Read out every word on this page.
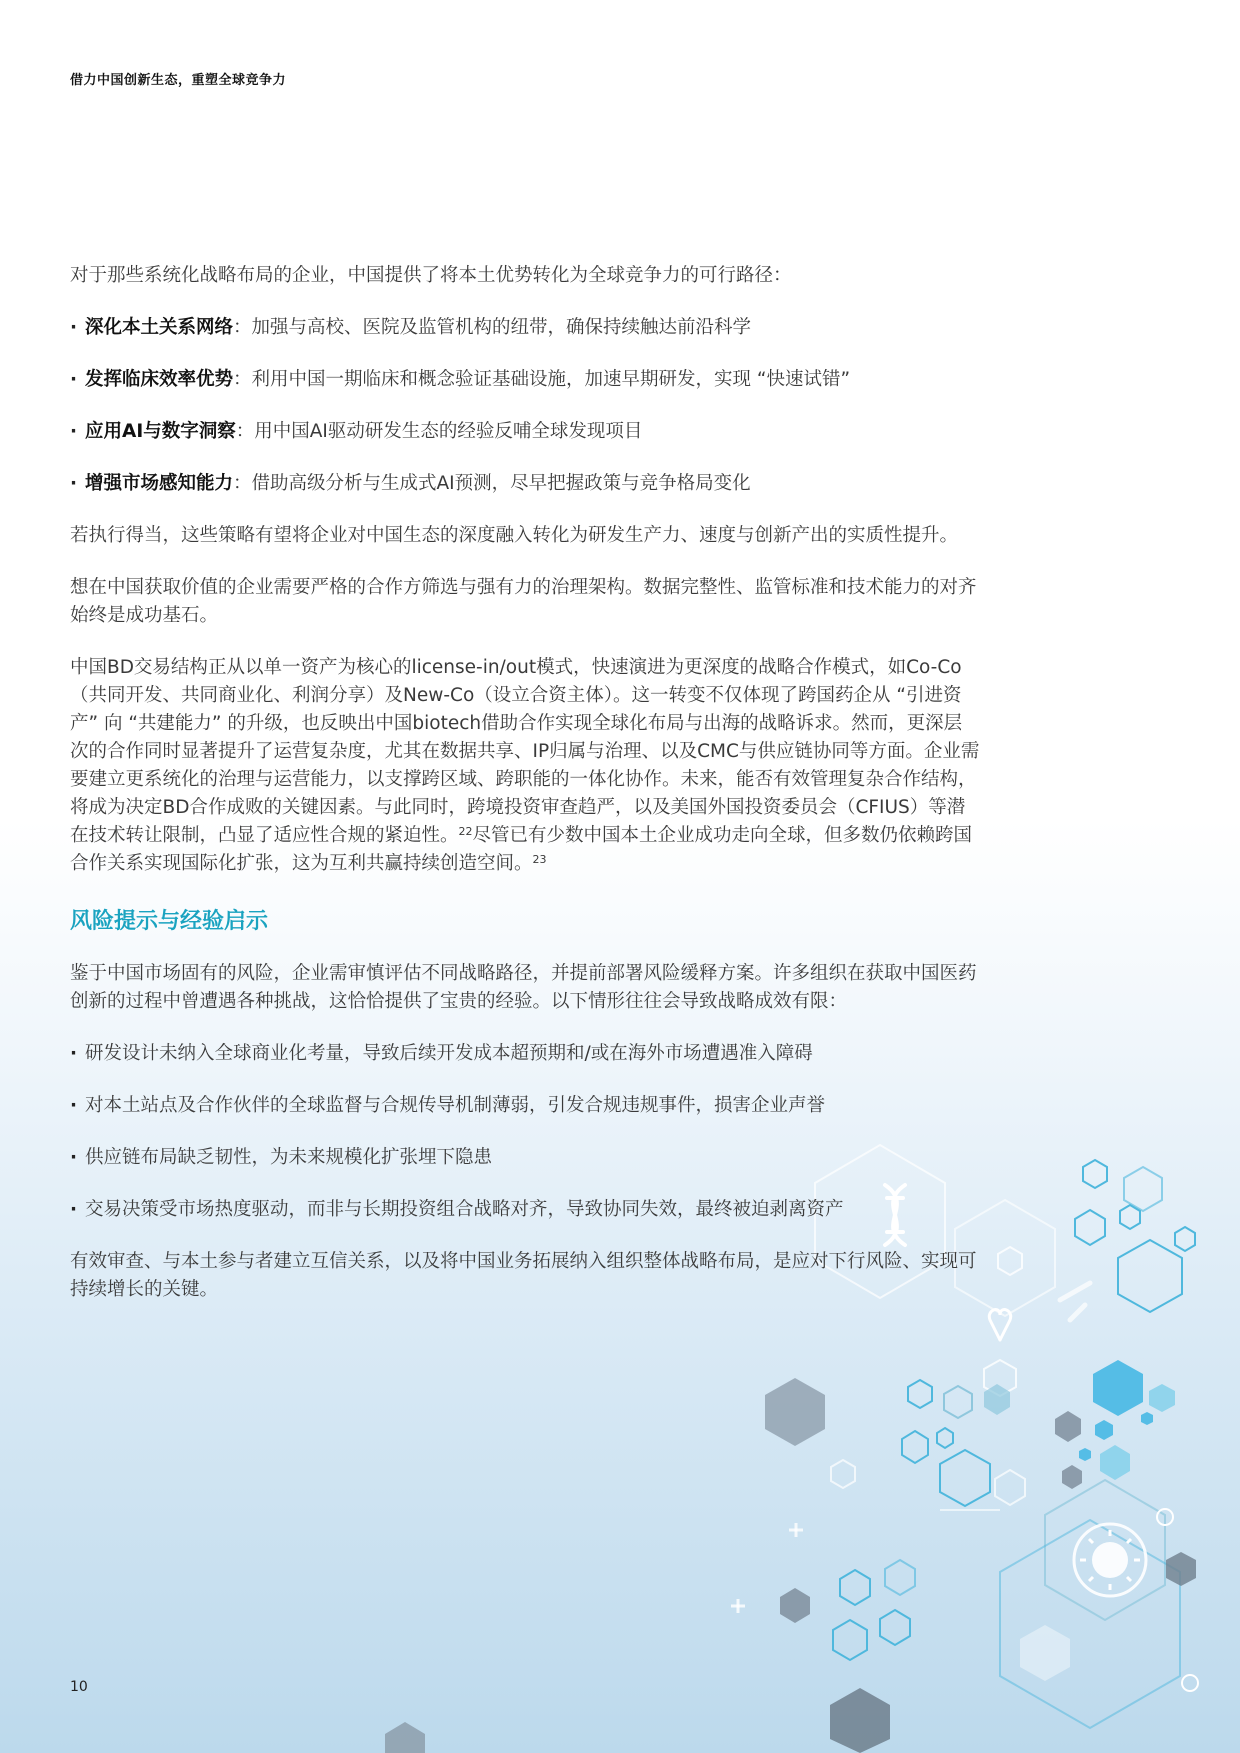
借力中国创新生态，重塑全球竞争力

对于那些系统化战略布局的企业，中国提供了将本土优势转化为全球竞争力的可行路径：

· 深化本土关系网络：加强与高校、医院及监管机构的纽带，确保持续触达前沿科学
· 发挥临床效率优势：利用中国一期临床和概念验证基础设施，加速早期研发，实现 “快速试错”
· 应用AI与数字洞察：用中国AI驱动研发生态的经验反哺全球发现项目
· 增强市场感知能力：借助高级分析与生成式AI预测，尽早把握政策与竞争格局变化

若执行得当，这些策略有望将企业对中国生态的深度融入转化为研发生产力、速度与创新产出的实质性提升。

想在中国获取价值的企业需要严格的合作方筛选与强有力的治理架构。数据完整性、监管标准和技术能力的对齐始终是成功基石。

中国BD交易结构正从以单一资产为核心的license-in/out模式，快速演进为更深度的战略合作模式，如Co-Co（共同开发、共同商业化、利润分享）及New-Co（设立合资主体）。这一转变不仅体现了跨国药企从 “引进资产” 向 “共建能力” 的升级，也反映出中国biotech借助合作实现全球化布局与出海的战略诉求。然而，更深层次的合作同时显著提升了运营复杂度，尤其在数据共享、IP归属与治理、以及CMC与供应链协同等方面。企业需要建立更系统化的治理与运营能力，以支撑跨区域、跨职能的一体化协作。未来，能否有效管理复杂合作结构，将成为决定BD合作成败的关键因素。与此同时，跨境投资审查趋严，以及美国外国投资委员会（CFIUS）等潜在技术转让限制，凸显了适应性合规的紧迫性。$^{22}$尽管已有少数中国本土企业成功走向全球，但多数仍依赖跨国合作关系实现国际化扩张，这为互利共赢持续创造空间。$^{23}$

风险提示与经验启示

鉴于中国市场固有的风险，企业需审慎评估不同战略路径，并提前部署风险缓释方案。许多组织在获取中国医药创新的过程中曾遭遇各种挑战，这恰恰提供了宝贵的经验。以下情形往往会导致战略成效有限：

· 研发设计未纳入全球商业化考量，导致后续开发成本超预期和/或在海外市场遭遇准入障碍
· 对本土站点及合作伙伴的全球监督与合规传导机制薄弱，引发合规违规事件，损害企业声誉
· 供应链布局缺乏韧性，为未来规模化扩张埋下隐患
· 交易决策受市场热度驱动，而非与长期投资组合战略对齐，导致协同失效，最终被迫剥离资产

有效审查、与本土参与者建立互信关系，以及将中国业务拓展纳入组织整体战略布局，是应对下行风险、实现可持续增长的关键。

10
